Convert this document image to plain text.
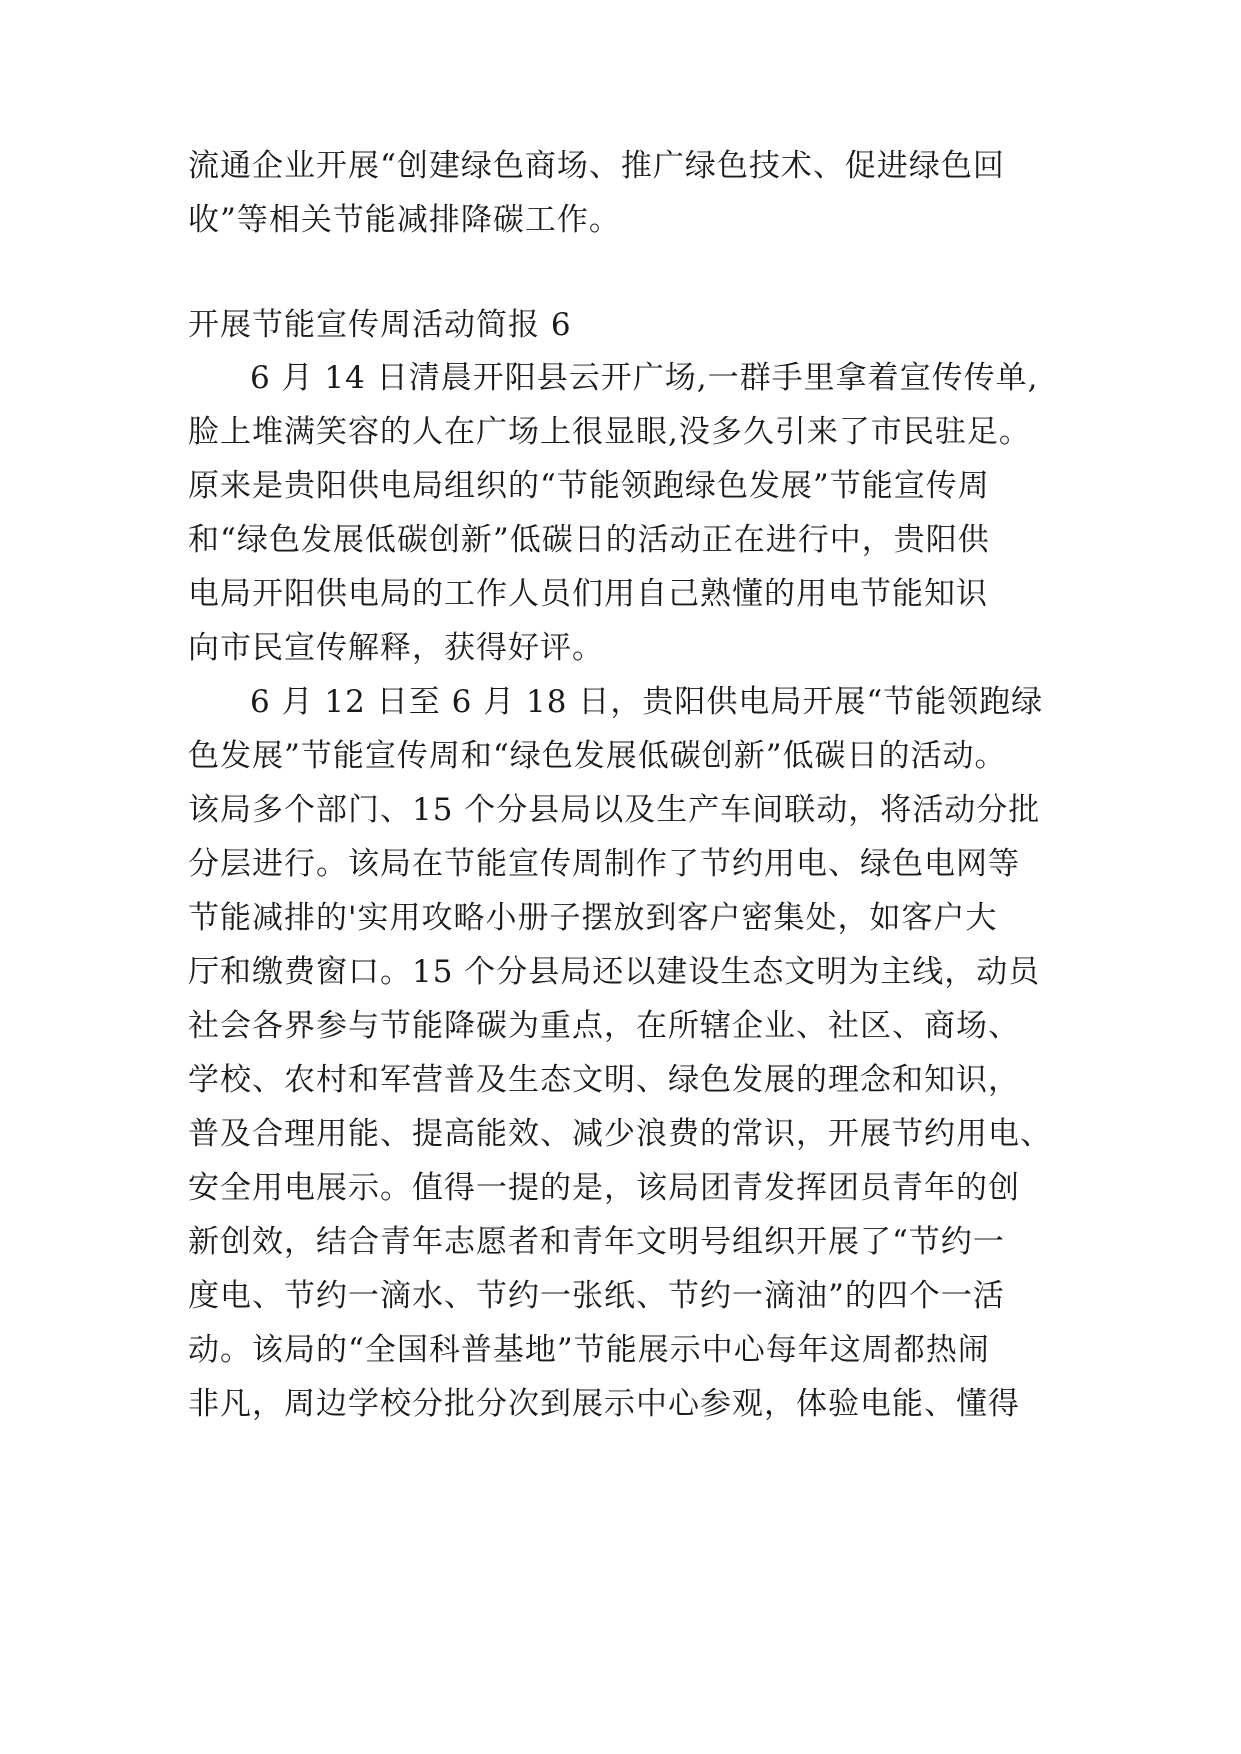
流通企业开展“创建绿色商场、推广绿色技术、促进绿色回
收”等相关节能减排降碳工作。
开展节能宣传周活动简报 6
6 月 14 日清晨开阳县云开广场,一群手里拿着宣传传单,
脸上堆满笑容的人在广场上很显眼,没多久引来了市民驻足。
原来是贵阳供电局组织的“节能领跑绿色发展”节能宣传周
和“绿色发展低碳创新”低碳日的活动正在进行中，贵阳供
电局开阳供电局的工作人员们用自己熟懂的用电节能知识
向市民宣传解释，获得好评。
6 月 12 日至 6 月 18 日，贵阳供电局开展“节能领跑绿
色发展”节能宣传周和“绿色发展低碳创新”低碳日的活动。
该局多个部门、15 个分县局以及生产车间联动，将活动分批
分层进行。该局在节能宣传周制作了节约用电、绿色电网等
节能减排的'实用攻略小册子摆放到客户密集处，如客户大
厅和缴费窗口。15 个分县局还以建设生态文明为主线，动员
社会各界参与节能降碳为重点，在所辖企业、社区、商场、
学校、农村和军营普及生态文明、绿色发展的理念和知识，
普及合理用能、提高能效、减少浪费的常识，开展节约用电、
安全用电展示。值得一提的是，该局团青发挥团员青年的创
新创效，结合青年志愿者和青年文明号组织开展了“节约一
度电、节约一滴水、节约一张纸、节约一滴油”的四个一活
动。该局的“全国科普基地”节能展示中心每年这周都热闹
非凡，周边学校分批分次到展示中心参观，体验电能、懂得
